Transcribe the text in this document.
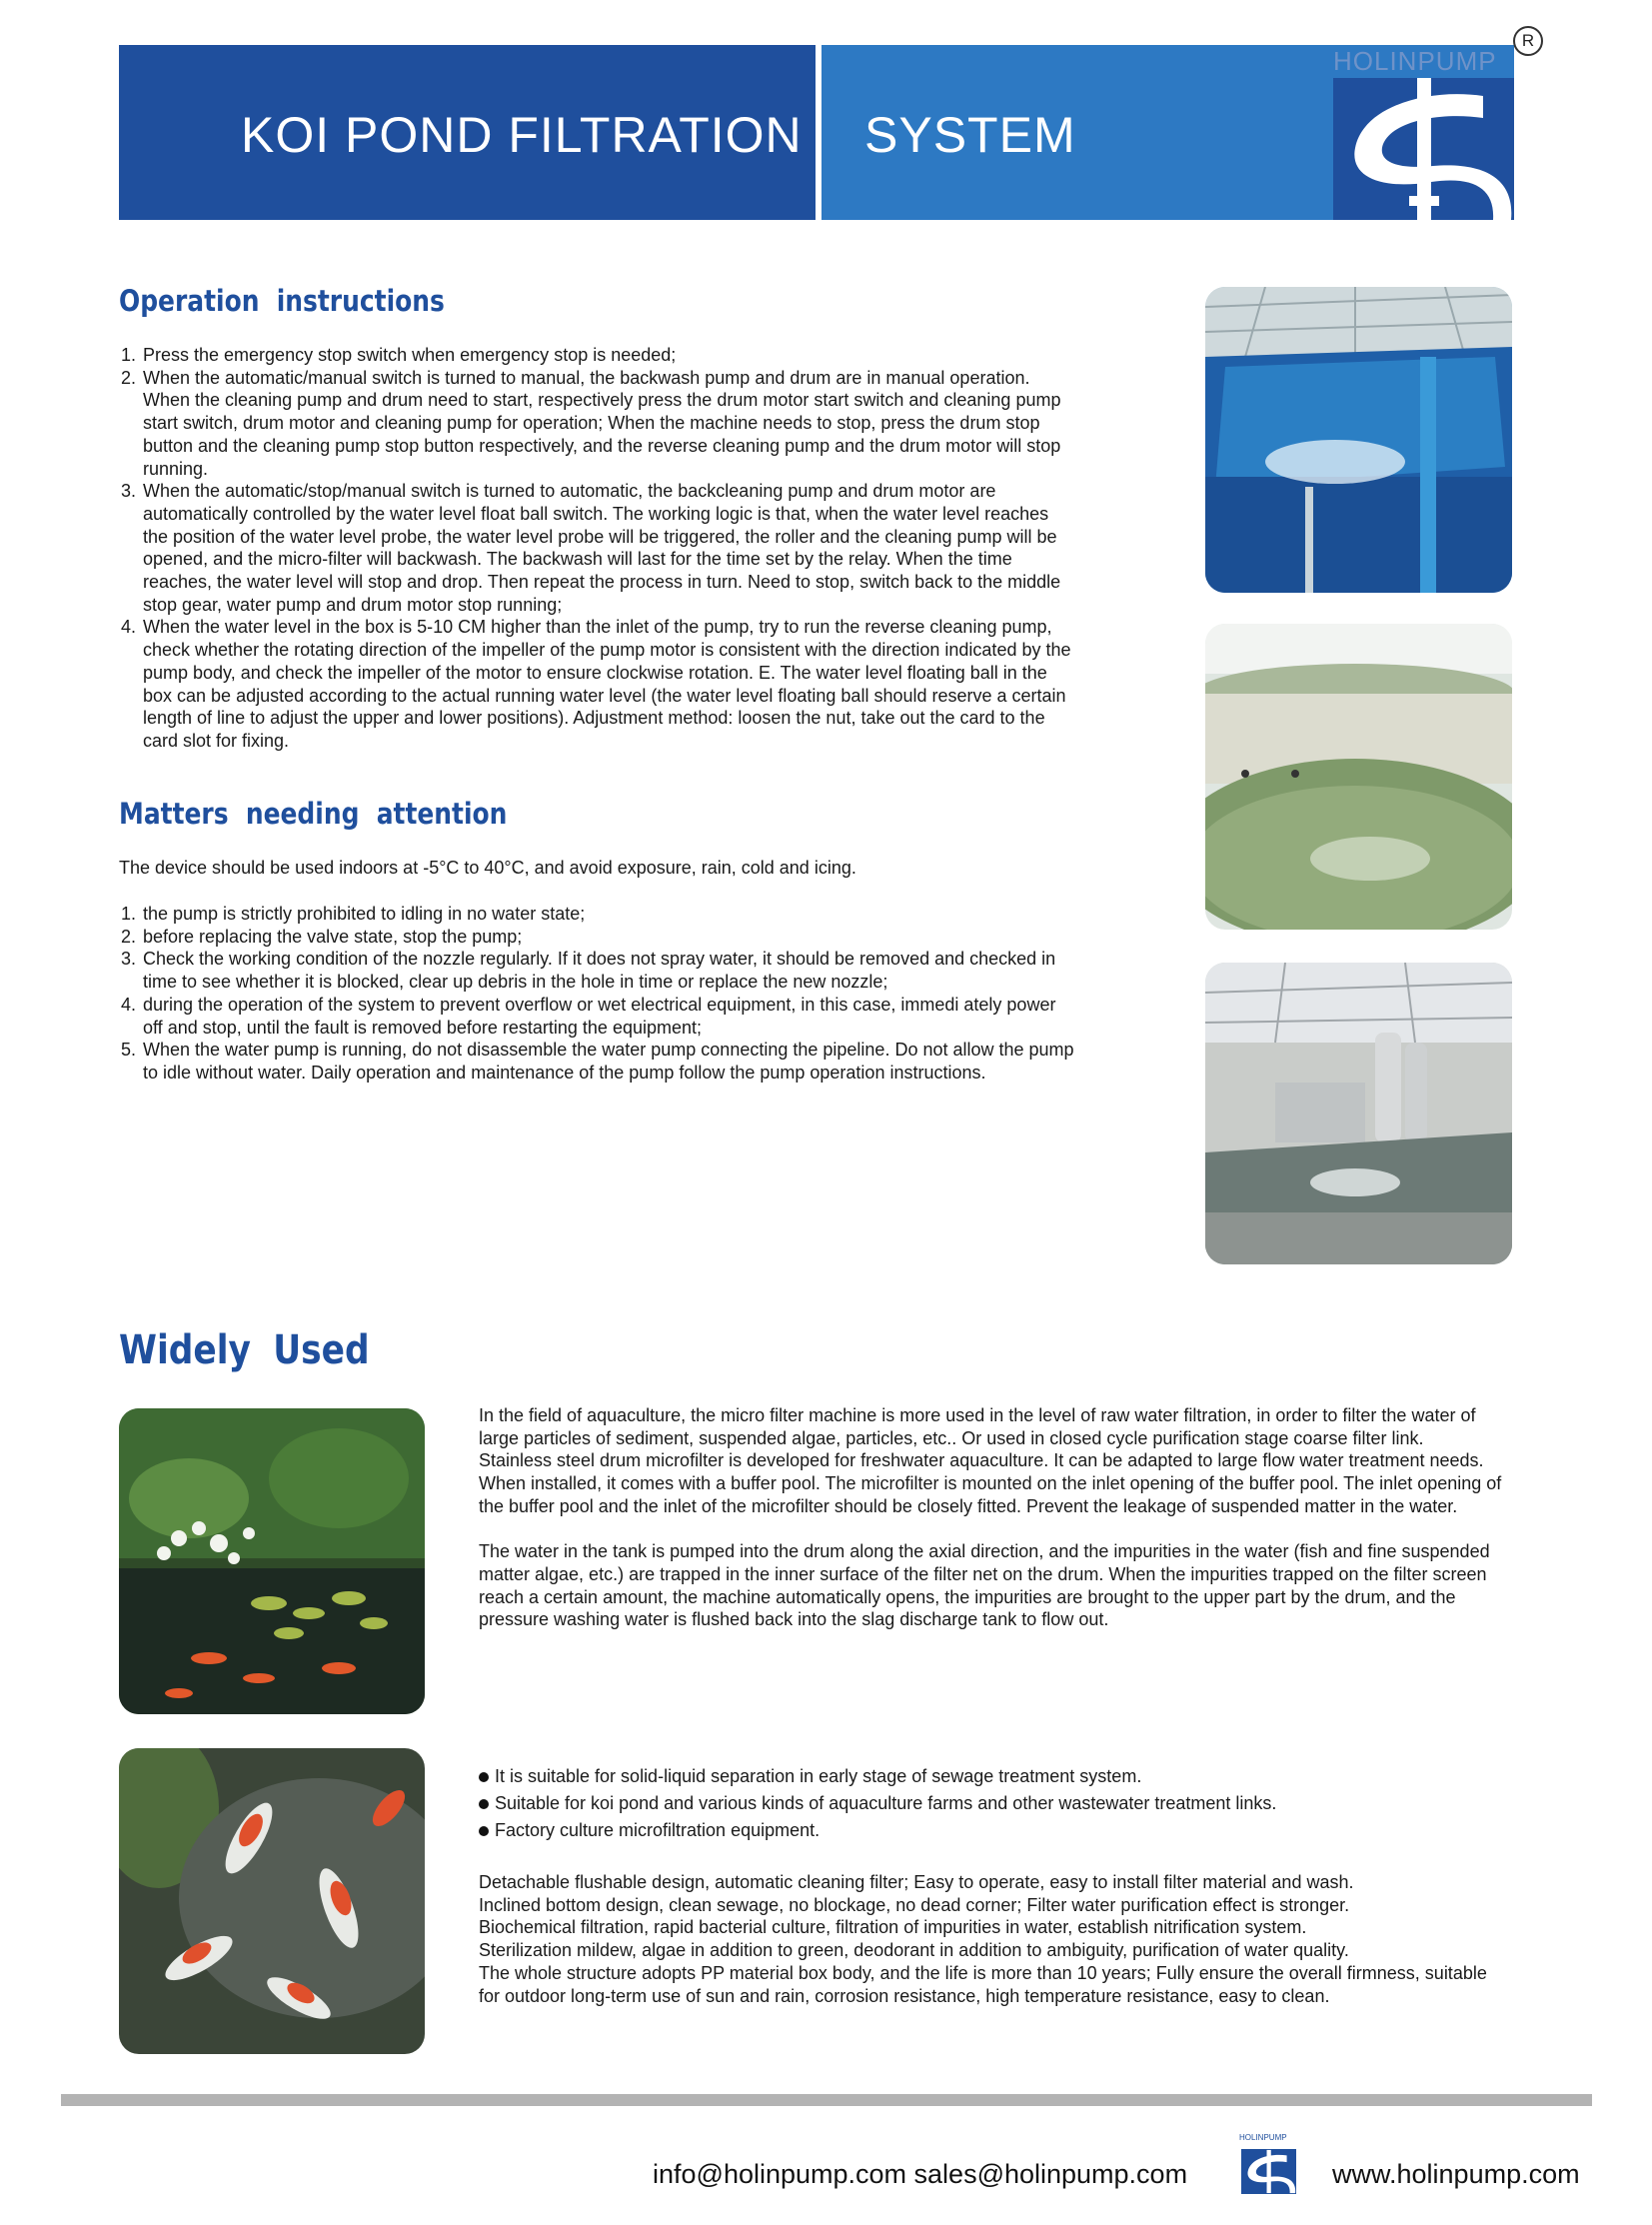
KOI POND FILTRATION SYSTEM
HOLINPUMP
R
Operation instructions
1. Press the emergency stop switch when emergency stop is needed;
2. When the automatic/manual switch is turned to manual, the backwash pump and drum are in manual operation. When the cleaning pump and drum need to start, respectively press the drum motor start switch and cleaning pump start switch, drum motor and cleaning pump for operation; When the machine needs to stop, press the drum stop button and the cleaning pump stop button respectively, and the reverse cleaning pump and the drum motor will stop running.
3. When the automatic/stop/manual switch is turned to automatic, the backcleaning pump and drum motor are automatically controlled by the water level float ball switch. The working logic is that, when the water level reaches the position of the water level probe, the water level probe will be triggered, the roller and the cleaning pump will be opened, and the micro-filter will backwash. The backwash will last for the time set by the relay. When the time reaches, the water level will stop and drop. Then repeat the process in turn. Need to stop, switch back to the middle stop gear, water pump and drum motor stop running;
4. When the water level in the box is 5-10 CM higher than the inlet of the pump, try to run the reverse cleaning pump, check whether the rotating direction of the impeller of the pump motor is consistent with the direction indicated by the pump body, and check the impeller of the motor to ensure clockwise rotation. E. The water level floating ball in the box can be adjusted according to the actual running water level (the water level floating ball should reserve a certain length of line to adjust the upper and lower positions). Adjustment method: loosen the nut, take out the card to the card slot for fixing.
Matters needing attention
The device should be used indoors at -5°C to 40°C, and avoid exposure, rain, cold and icing.
1. the pump is strictly prohibited to idling in no water state;
2. before replacing the valve state, stop the pump;
3. Check the working condition of the nozzle regularly. If it does not spray water, it should be removed and checked in time to see whether it is blocked, clear up debris in the hole in time or replace the new nozzle;
4. during the operation of the system to prevent overflow or wet electrical equipment, in this case, immedi ately power off and stop, until the fault is removed before restarting the equipment;
5. When the water pump is running, do not disassemble the water pump connecting the pipeline. Do not allow the pump to idle without water. Daily operation and maintenance of the pump follow the pump operation instructions.
Widely Used

In the field of aquaculture, the micro filter machine is more used in the level of raw water filtration, in order to filter the water of large particles of sediment, suspended algae, particles, etc.. Or used in closed cycle purification stage coarse filter link.

Stainless steel drum microfilter is developed for freshwater aquaculture. It can be adapted to large flow water treatment needs.

When installed, it comes with a buffer pool. The microfilter is mounted on the inlet opening of the buffer pool. The inlet opening of the buffer pool and the inlet of the microfilter should be closely fitted. Prevent the leakage of suspended matter in the water.

The water in the tank is pumped into the drum along the axial direction, and the impurities in the water (fish and fine suspended matter algae, etc.) are trapped in the inner surface of the filter net on the drum. When the impurities trapped on the filter screen reach a certain amount, the machine automatically opens, the impurities are brought to the upper part by the drum, and the pressure washing water is flushed back into the slag discharge tank to flow out.

It is suitable for solid-liquid separation in early stage of sewage treatment system.
Suitable for koi pond and various kinds of aquaculture farms and other wastewater treatment links.
Factory culture microfiltration equipment.

Detachable flushable design, automatic cleaning filter; Easy to operate, easy to install filter material and wash.

Inclined bottom design, clean sewage, no blockage, no dead corner; Filter water purification effect is stronger.

Biochemical filtration, rapid bacterial culture, filtration of impurities in water, establish nitrification system.

Sterilization mildew, algae in addition to green, deodorant in addition to ambiguity, purification of water quality.

The whole structure adopts PP material box body, and the life is more than 10 years; Fully ensure the overall firmness, suitable for outdoor long-term use of sun and rain, corrosion resistance, high temperature resistance, easy to clean.

info@holinpump.com sales@holinpump.com
HOLINPUMP
www.holinpump.com
